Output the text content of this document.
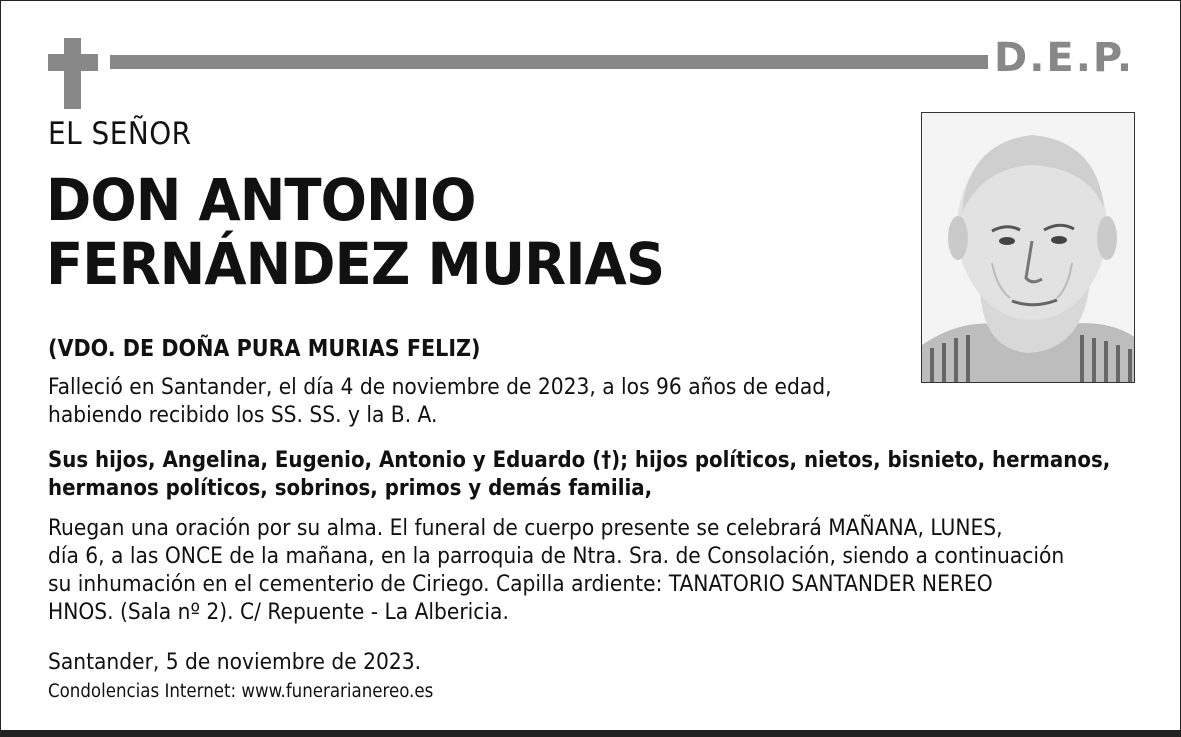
D.E.P.
EL SEÑOR
DON ANTONIO
FERNÁNDEZ MURIAS
(VDO. DE DOÑA PURA MURIAS FELIZ)
Falleció en Santander, el día 4 de noviembre de 2023, a los 96 años de edad,
habiendo recibido los SS. SS. y la B. A.
Sus hijos, Angelina, Eugenio, Antonio y Eduardo (†); hijos políticos, nietos, bisnieto, hermanos,
hermanos políticos, sobrinos, primos y demás familia,
Ruegan una oración por su alma. El funeral de cuerpo presente se celebrará MAÑANA, LUNES,
día 6, a las ONCE de la mañana, en la parroquia de Ntra. Sra. de Consolación, siendo a continuación
su inhumación en el cementerio de Ciriego. Capilla ardiente: TANATORIO SANTANDER NEREO
HNOS. (Sala nº 2). C/ Repuente - La Albericia.
Santander, 5 de noviembre de 2023.
Condolencias Internet: www.funerarianereo.es
